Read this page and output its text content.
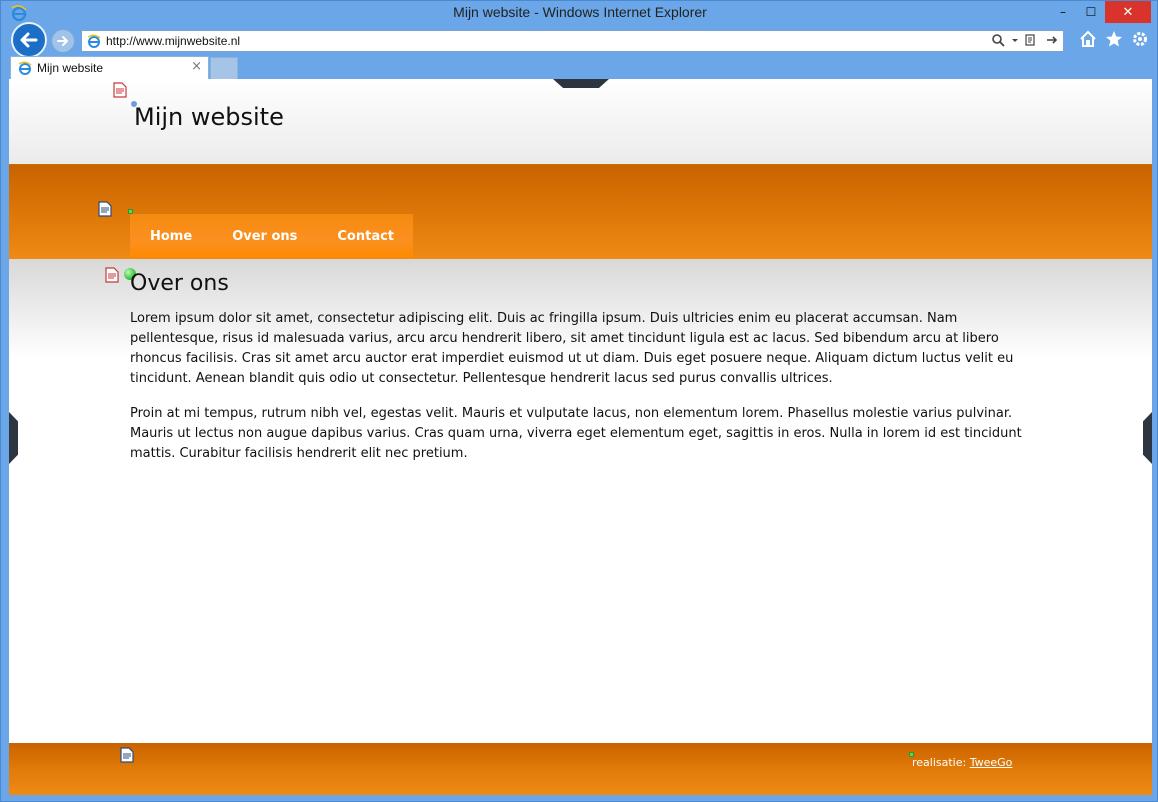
Mijn website - Windows Internet Explorer	–	☐	✕
http://www.mijnwebsite.nl
Mijn website	×
Mijn website
Home	Over ons	Contact
Over ons

Lorem ipsum dolor sit amet, consectetur adipiscing elit. Duis ac fringilla ipsum. Duis ultricies enim eu placerat accumsan. Nam pellentesque, risus id malesuada varius, arcu arcu hendrerit libero, sit amet tincidunt ligula est ac lacus. Sed bibendum arcu at libero rhoncus facilisis. Cras sit amet arcu auctor erat imperdiet euismod ut ut diam. Duis eget posuere neque. Aliquam dictum luctus velit eu tincidunt. Aenean blandit quis odio ut consectetur. Pellentesque hendrerit lacus sed purus convallis ultrices.

Proin at mi tempus, rutrum nibh vel, egestas velit. Mauris et vulputate lacus, non elementum lorem. Phasellus molestie varius pulvinar. Mauris ut lectus non augue dapibus varius. Cras quam urna, viverra eget elementum eget, sagittis in eros. Nulla in lorem id est tincidunt mattis. Curabitur facilisis hendrerit elit nec pretium.

realisatie: TweeGo
